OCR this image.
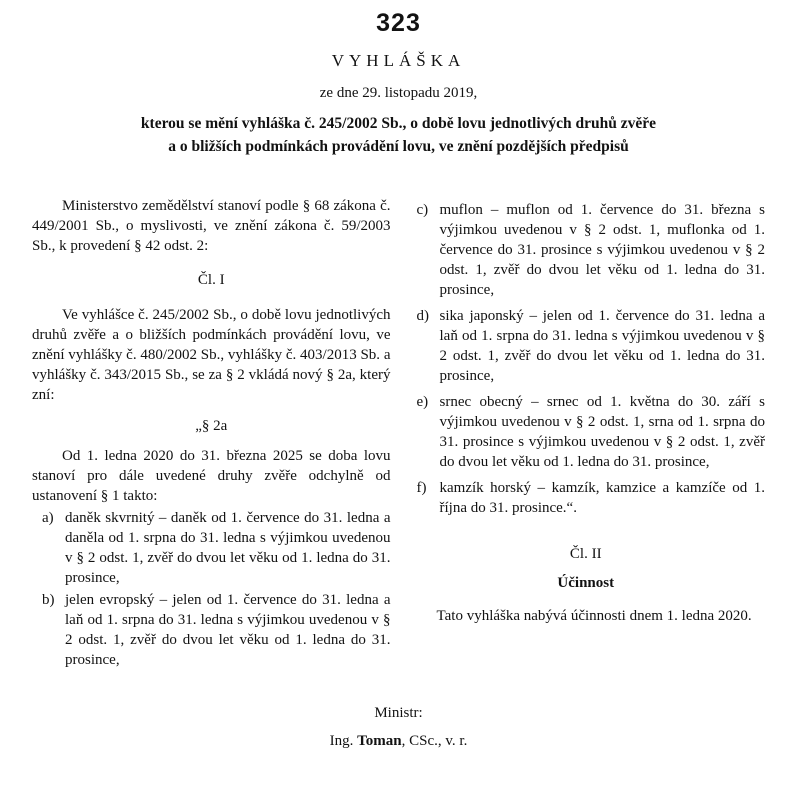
323
VYHLÁŠKA
ze dne 29. listopadu 2019,
kterou se mění vyhláška č. 245/2002 Sb., o době lovu jednotlivých druhů zvěře
a o bližších podmínkách provádění lovu, ve znění pozdějších předpisů

Ministerstvo zemědělství stanoví podle § 68 zákona č. 449/2001 Sb., o myslivosti, ve znění zákona č. 59/2003 Sb., k provedení § 42 odst. 2:

Čl. I

Ve vyhlášce č. 245/2002 Sb., o době lovu jednotlivých druhů zvěře a o bližších podmínkách provádění lovu, ve znění vyhlášky č. 480/2002 Sb., vyhlášky č. 403/2013 Sb. a vyhlášky č. 343/2015 Sb., se za § 2 vkládá nový § 2a, který zní:

„§ 2a

Od 1. ledna 2020 do 31. března 2025 se doba lovu stanoví pro dále uvedené druhy zvěře odchylně od ustanovení § 1 takto:

a) daněk skvrnitý – daněk od 1. července do 31. ledna a daněla od 1. srpna do 31. ledna s výjimkou uvedenou v § 2 odst. 1, zvěř do dvou let věku od 1. ledna do 31. prosince,
b) jelen evropský – jelen od 1. července do 31. ledna a laň od 1. srpna do 31. ledna s výjimkou uvedenou v § 2 odst. 1, zvěř do dvou let věku od 1. ledna do 31. prosince,
c) muflon – muflon od 1. července do 31. března s výjimkou uvedenou v § 2 odst. 1, muflonka od 1. července do 31. prosince s výjimkou uvedenou v § 2 odst. 1, zvěř do dvou let věku od 1. ledna do 31. prosince,
d) sika japonský – jelen od 1. července do 31. ledna a laň od 1. srpna do 31. ledna s výjimkou uvedenou v § 2 odst. 1, zvěř do dvou let věku od 1. ledna do 31. prosince,
e) srnec obecný – srnec od 1. května do 30. září s výjimkou uvedenou v § 2 odst. 1, srna od 1. srpna do 31. prosince s výjimkou uvedenou v § 2 odst. 1, zvěř do dvou let věku od 1. ledna do 31. prosince,
f) kamzík horský – kamzík, kamzice a kamzíče od 1. října do 31. prosince.“.
Čl. II
Účinnost

Tato vyhláška nabývá účinnosti dnem 1. ledna 2020.

Ministr:
Ing. Toman, CSc., v. r.
